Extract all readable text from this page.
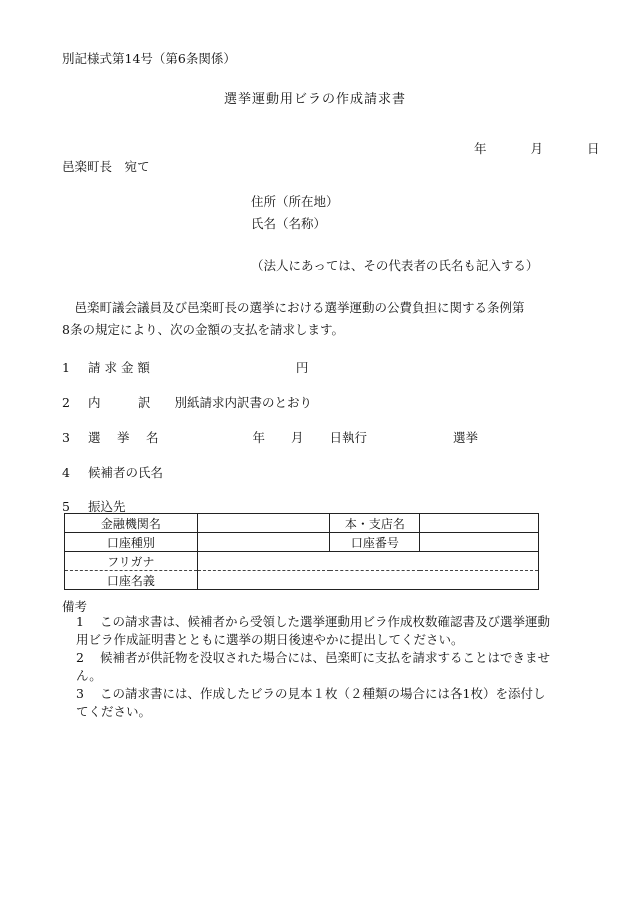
別記様式第14号（第6条関係）
選挙運動用ビラの作成請求書
年	月	日
邑楽町長　宛て
住所（所在地）
氏名（名称）
（法人にあっては、その代表者の氏名も記入する）
　邑楽町議会議員及び邑楽町長の選挙における選挙運動の公費負担に関する条例第
8条の規定により、次の金額の支払を請求します。
1 請 求 金 額	円
2 内　　　訳 別紙請求内訳書のとおり
3 選　 挙　 名	年 月 日執行	選挙
4 候補者の氏名
5 振込先
金融機関名		本・支店名	
口座種別		口座番号	
フリガナ			
口座名義			
備考
1 この請求書は、候補者から受領した選挙運動用ビラ作成枚数確認書及び選挙運動用ビラ作成証明書とともに選挙の期日後速やかに提出してください。
2 候補者が供託物を没収された場合には、邑楽町に支払を請求することはできません。
3 この請求書には、作成したビラの見本１枚（２種類の場合には各1枚）を添付してください。
